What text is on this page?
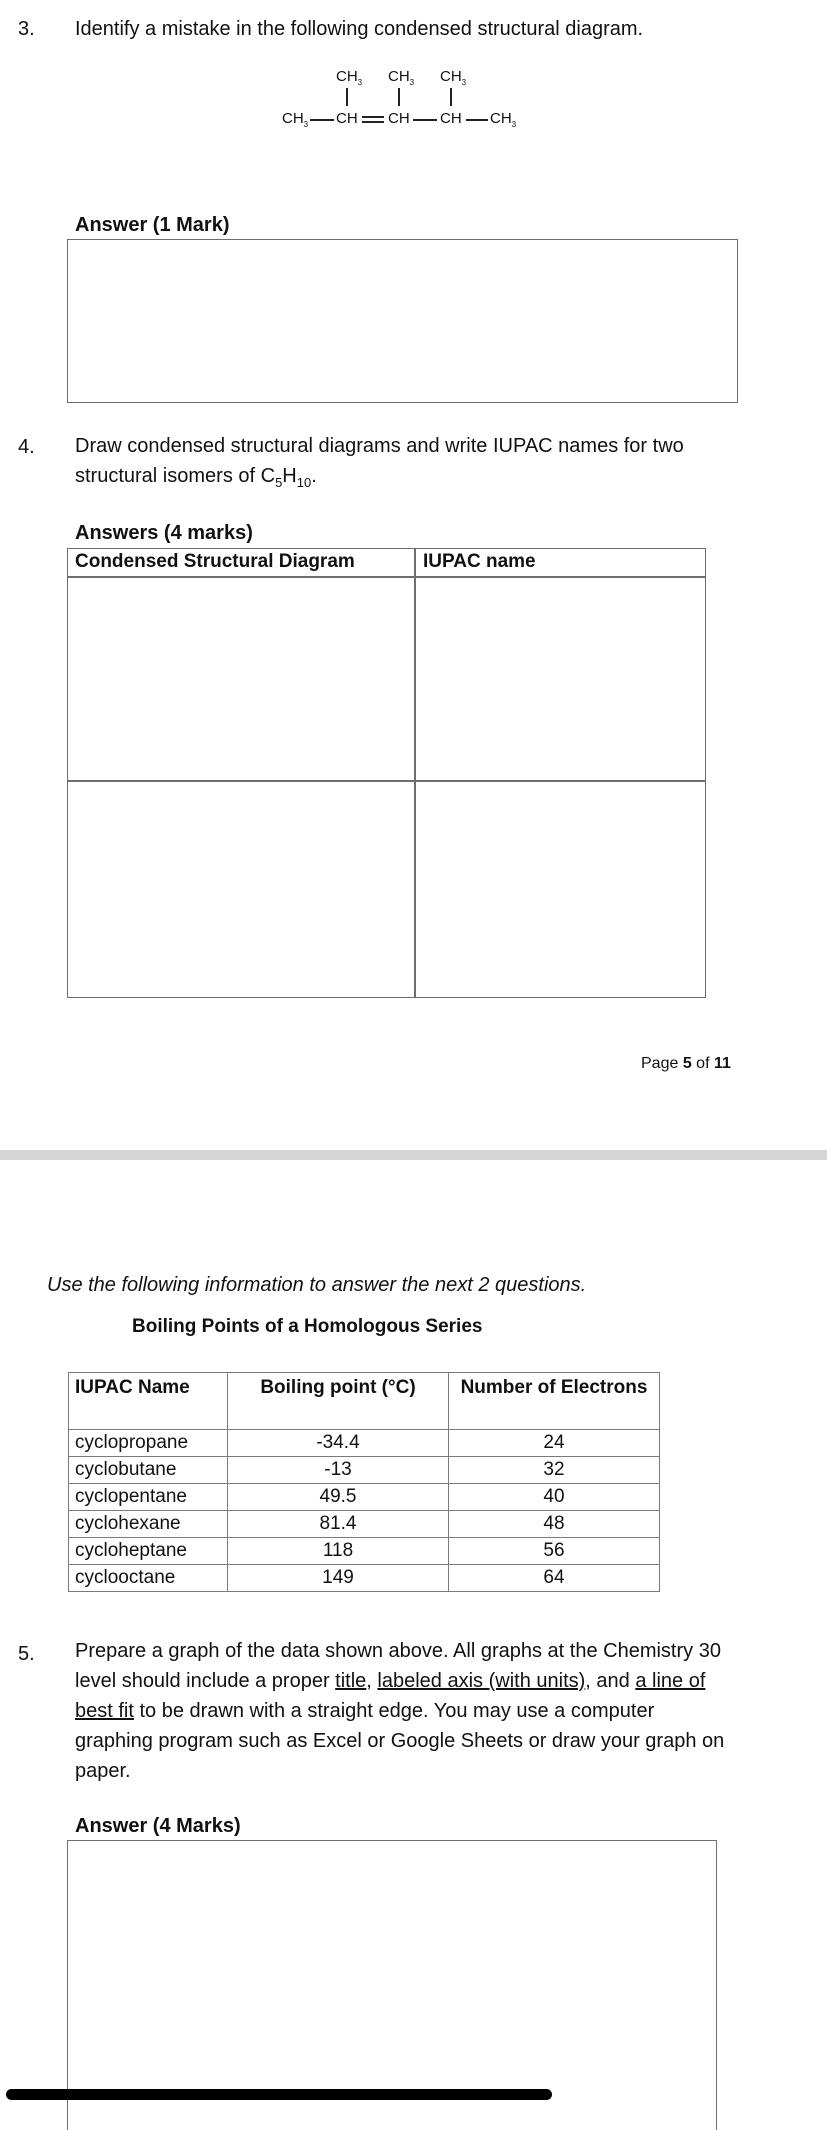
3. Identify a mistake in the following condensed structural diagram.
$CH_3$ $CH_3$ $CH_3$
$CH_3$ CH CH CH $CH_3$
Answer (1 Mark)
4. Draw condensed structural diagrams and write IUPAC names for two
structural isomers of $C_5H_{10}$.
Answers (4 marks)
Condensed Structural Diagram	IUPAC name
Page 5 of 11
Use the following information to answer the next 2 questions.
Boiling Points of a Homologous Series
IUPAC Name	Boiling point (°C)	Number of Electrons
cyclopropane	-34.4	24
cyclobutane	-13	32
cyclopentane	49.5	40
cyclohexane	81.4	48
cycloheptane	118	56
cyclooctane	149	64
5. Prepare a graph of the data shown above. All graphs at the Chemistry 30
level should include a proper title, labeled axis (with units), and a line of
best fit to be drawn with a straight edge. You may use a computer
graphing program such as Excel or Google Sheets or draw your graph on
paper.
Answer (4 Marks)
